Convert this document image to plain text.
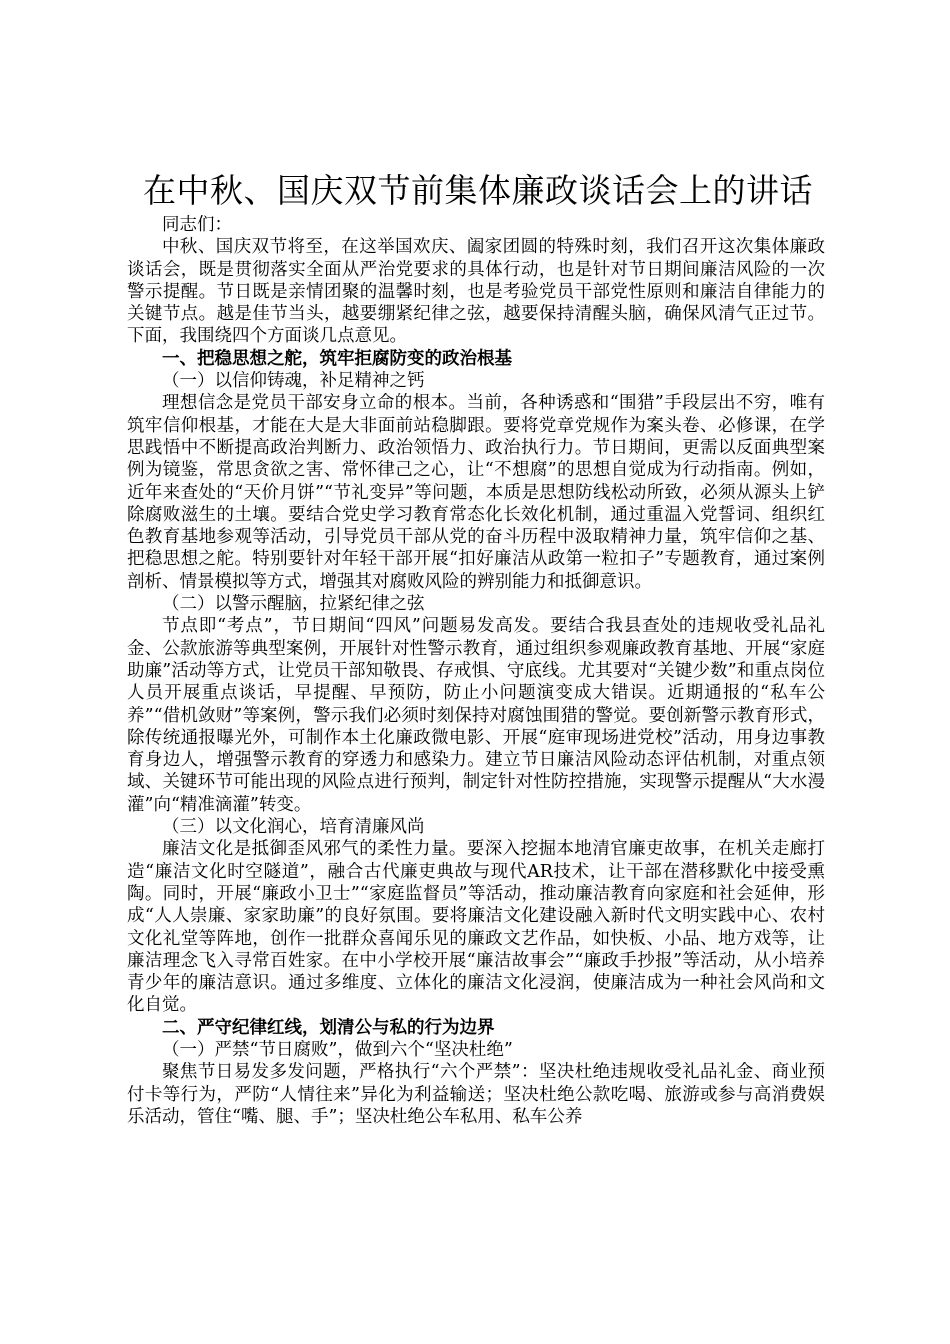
在中秋、国庆双节前集体廉政谈话会上的讲话

同志们：

中秋、国庆双节将至，在这举国欢庆、阖家团圆的特殊时刻，我们召开这次集体廉政谈话会，既是贯彻落实全面从严治党要求的具体行动，也是针对节日期间廉洁风险的一次警示提醒。节日既是亲情团聚的温馨时刻，也是考验党员干部党性原则和廉洁自律能力的关键节点。越是佳节当头，越要绷紧纪律之弦，越要保持清醒头脑，确保风清气正过节。下面，我围绕四个方面谈几点意见。

一、把稳思想之舵，筑牢拒腐防变的政治根基

（一）以信仰铸魂，补足精神之钙

理想信念是党员干部安身立命的根本。当前，各种诱惑和“围猎”手段层出不穷，唯有筑牢信仰根基，才能在大是大非面前站稳脚跟。要将党章党规作为案头卷、必修课，在学思践悟中不断提高政治判断力、政治领悟力、政治执行力。节日期间，更需以反面典型案例为镜鉴，常思贪欲之害、常怀律己之心，让“不想腐”的思想自觉成为行动指南。例如，近年来查处的“天价月饼”“节礼变异”等问题，本质是思想防线松动所致，必须从源头上铲除腐败滋生的土壤。要结合党史学习教育常态化长效化机制，通过重温入党誓词、组织红色教育基地参观等活动，引导党员干部从党的奋斗历程中汲取精神力量，筑牢信仰之基、把稳思想之舵。特别要针对年轻干部开展“扣好廉洁从政第一粒扣子”专题教育，通过案例剖析、情景模拟等方式，增强其对腐败风险的辨别能力和抵御意识。

（二）以警示醒脑，拉紧纪律之弦

节点即“考点”，节日期间“四风”问题易发高发。要结合我县查处的违规收受礼品礼金、公款旅游等典型案例，开展针对性警示教育，通过组织参观廉政教育基地、开展“家庭助廉”活动等方式，让党员干部知敬畏、存戒惧、守底线。尤其要对“关键少数”和重点岗位人员开展重点谈话，早提醒、早预防，防止小问题演变成大错误。近期通报的“私车公养”“借机敛财”等案例，警示我们必须时刻保持对腐蚀围猎的警觉。要创新警示教育形式，除传统通报曝光外，可制作本土化廉政微电影、开展“庭审现场进党校”活动，用身边事教育身边人，增强警示教育的穿透力和感染力。建立节日廉洁风险动态评估机制，对重点领域、关键环节可能出现的风险点进行预判，制定针对性防控措施，实现警示提醒从“大水漫灌”向“精准滴灌”转变。

（三）以文化润心，培育清廉风尚

廉洁文化是抵御歪风邪气的柔性力量。要深入挖掘本地清官廉吏故事，在机关走廊打造“廉洁文化时空隧道”，融合古代廉吏典故与现代AR技术，让干部在潜移默化中接受熏陶。同时，开展“廉政小卫士”“家庭监督员”等活动，推动廉洁教育向家庭和社会延伸，形成“人人崇廉、家家助廉”的良好氛围。要将廉洁文化建设融入新时代文明实践中心、农村文化礼堂等阵地，创作一批群众喜闻乐见的廉政文艺作品，如快板、小品、地方戏等，让廉洁理念飞入寻常百姓家。在中小学校开展“廉洁故事会”“廉政手抄报”等活动，从小培养青少年的廉洁意识。通过多维度、立体化的廉洁文化浸润，使廉洁成为一种社会风尚和文化自觉。

二、严守纪律红线，划清公与私的行为边界

（一）严禁“节日腐败”，做到六个“坚决杜绝”

聚焦节日易发多发问题，严格执行“六个严禁”：坚决杜绝违规收受礼品礼金、商业预付卡等行为，严防“人情往来”异化为利益输送；坚决杜绝公款吃喝、旅游或参与高消费娱乐活动，管住“嘴、腿、手”；坚决杜绝公车私用、私车公养
